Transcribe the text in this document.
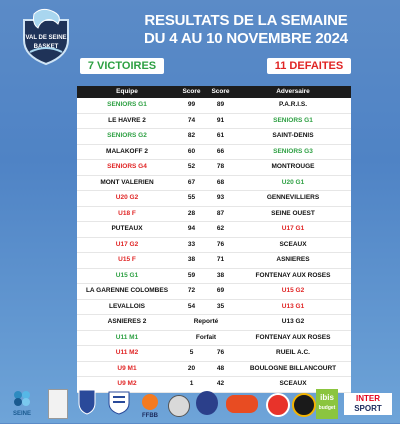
VAL DE SEINE
BASKET
RESULTATS DE LA SEMAINE
DU 4 AU 10 NOVEMBRE 2024
7 VICTOIRES	11 DEFAITES
Equipe	Score	Score	Adversaire
SENIORS G1	99	89	P.A.R.I.S.
LE HAVRE 2	74	91	SENIORS G1
SENIORS G2	82	61	SAINT-DENIS
MALAKOFF 2	60	66	SENIORS G3
SENIORS G4	52	78	MONTROUGE
MONT VALERIEN	67	68	U20 G1
U20 G2	55	93	GENNEVILLIERS
U18 F	28	87	SEINE OUEST
PUTEAUX	94	62	U17 G1
U17 G2	33	76	SCEAUX
U15 F	38	71	ASNIERES
U15 G1	59	38	FONTENAY AUX ROSES
LA GARENNE COLOMBES	72	69	U15 G2
LEVALLOIS	54	35	U13 G1
ASNIERES 2	Reporté	U13 G2
U11 M1	Forfait	FONTENAY AUX ROSES
U11 M2	5	76	RUEIL A.C.
U9 M1	20	48	BOULOGNE BILLANCOURT
U9 M2	1	42	SCEAUX
SEINE	FFBB
ibis
budget
INTER
SPORT
